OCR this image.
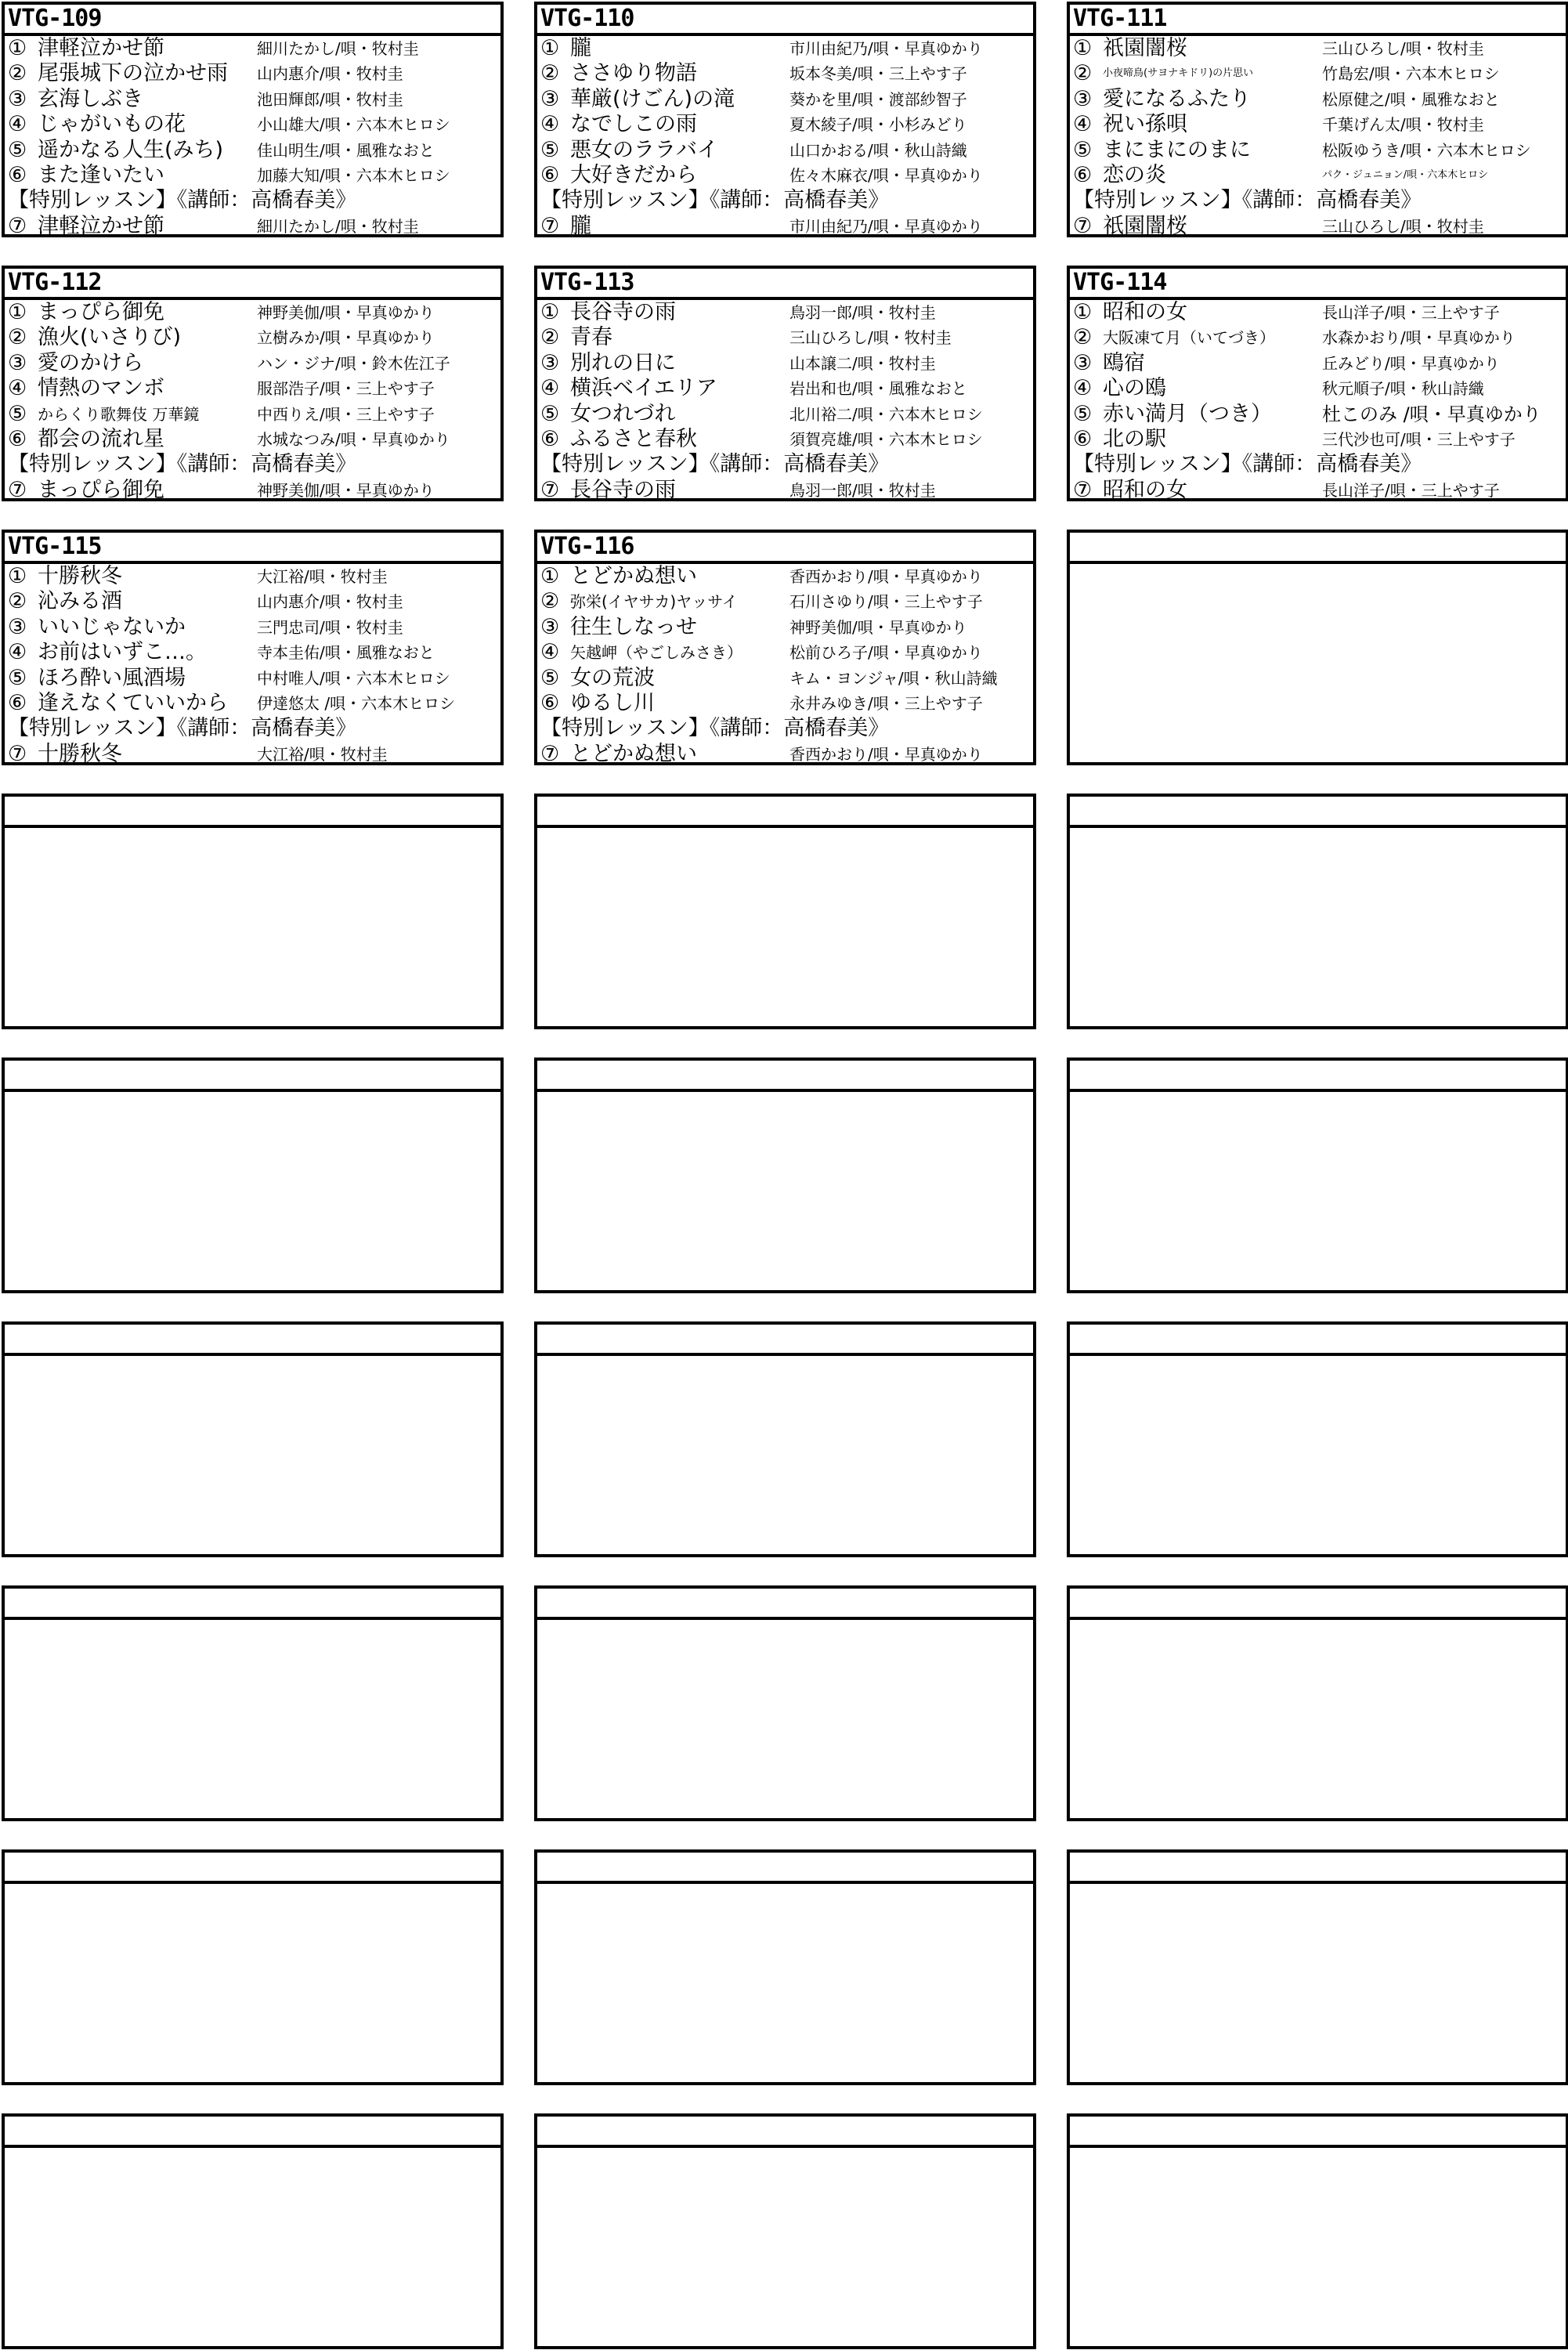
VTG-109
① 津軽泣かせ節	細川たかし/唄・牧村圭
② 尾張城下の泣かせ雨 山内惠介/唄・牧村圭
③ 玄海しぶき	池田輝郎/唄・牧村圭
④ じゃがいもの花	小山雄大/唄・六本木ヒロシ
⑤ 遥かなる人生(みち) 佳山明生/唄・風雅なおと
⑥ また逢いたい	加藤大知/唄・六本木ヒロシ
【特別レッスン】《講師：高橋春美》
⑦ 津軽泣かせ節	細川たかし/唄・牧村圭
VTG-110
① 朧	市川由紀乃/唄・早真ゆかり
② ささゆり物語	坂本冬美/唄・三上やす子
③ 華厳(けごん)の滝	葵かを里/唄・渡部紗智子
④ なでしこの雨	夏木綾子/唄・小杉みどり
⑤ 悪女のララバイ	山口かおる/唄・秋山詩織
⑥ 大好きだから	佐々木麻衣/唄・早真ゆかり
【特別レッスン】《講師：高橋春美》
⑦ 朧	市川由紀乃/唄・早真ゆかり
VTG-111
① 祇園闇桜	三山ひろし/唄・牧村圭
② 小夜啼鳥(サヨナキドリ)の片思い	竹島宏/唄・六本木ヒロシ
③ 愛になるふたり	松原健之/唄・風雅なおと
④ 祝い孫唄	千葉げん太/唄・牧村圭
⑤ まにまにのまに	松阪ゆうき/唄・六本木ヒロシ
⑥ 恋の炎	パク・ジュニョン/唄・六本木ヒロシ
【特別レッスン】《講師：高橋春美》
⑦ 祇園闇桜	三山ひろし/唄・牧村圭
VTG-112
① まっぴら御免	神野美伽/唄・早真ゆかり
② 漁火(いさりび)	立樹みか/唄・早真ゆかり
③ 愛のかけら	ハン・ジナ/唄・鈴木佐江子
④ 情熱のマンボ	服部浩子/唄・三上やす子
⑤ からくり歌舞伎 万華鏡	中西りえ/唄・三上やす子
⑥ 都会の流れ星	水城なつみ/唄・早真ゆかり
【特別レッスン】《講師：高橋春美》
⑦ まっぴら御免	神野美伽/唄・早真ゆかり
VTG-113
① 長谷寺の雨	鳥羽一郎/唄・牧村圭
② 青春	三山ひろし/唄・牧村圭
③ 別れの日に	山本譲二/唄・牧村圭
④ 横浜ベイエリア	岩出和也/唄・風雅なおと
⑤ 女つれづれ	北川裕二/唄・六本木ヒロシ
⑥ ふるさと春秋	須賀亮雄/唄・六本木ヒロシ
【特別レッスン】《講師：高橋春美》
⑦ 長谷寺の雨	鳥羽一郎/唄・牧村圭
VTG-114
① 昭和の女	長山洋子/唄・三上やす子
② 大阪凍て月（いてづき）	水森かおり/唄・早真ゆかり
③ 鴎宿	丘みどり/唄・早真ゆかり
④ 心の鴎	秋元順子/唄・秋山詩織
⑤ 赤い満月（つき）	杜このみ /唄・早真ゆかり
⑥ 北の駅	三代沙也可/唄・三上やす子
【特別レッスン】《講師：高橋春美》
⑦ 昭和の女	長山洋子/唄・三上やす子
VTG-115
① 十勝秋冬	大江裕/唄・牧村圭
② 沁みる酒	山内惠介/唄・牧村圭
③ いいじゃないか	三門忠司/唄・牧村圭
④ お前はいずこ…。	寺本圭佑/唄・風雅なおと
⑤ ほろ酔い風酒場	中村唯人/唄・六本木ヒロシ
⑥ 逢えなくていいから 伊達悠太 /唄・六本木ヒロシ
【特別レッスン】《講師：高橋春美》
⑦ 十勝秋冬	大江裕/唄・牧村圭
VTG-116
① とどかぬ想い	香西かおり/唄・早真ゆかり
② 弥栄(イヤサカ)ヤッサイ	石川さゆり/唄・三上やす子
③ 往生しなっせ	神野美伽/唄・早真ゆかり
④ 矢越岬（やごしみさき）	松前ひろ子/唄・早真ゆかり
⑤ 女の荒波	キム・ヨンジャ/唄・秋山詩織
⑥ ゆるし川	永井みゆき/唄・三上やす子
【特別レッスン】《講師：高橋春美》
⑦ とどかぬ想い	香西かおり/唄・早真ゆかり
